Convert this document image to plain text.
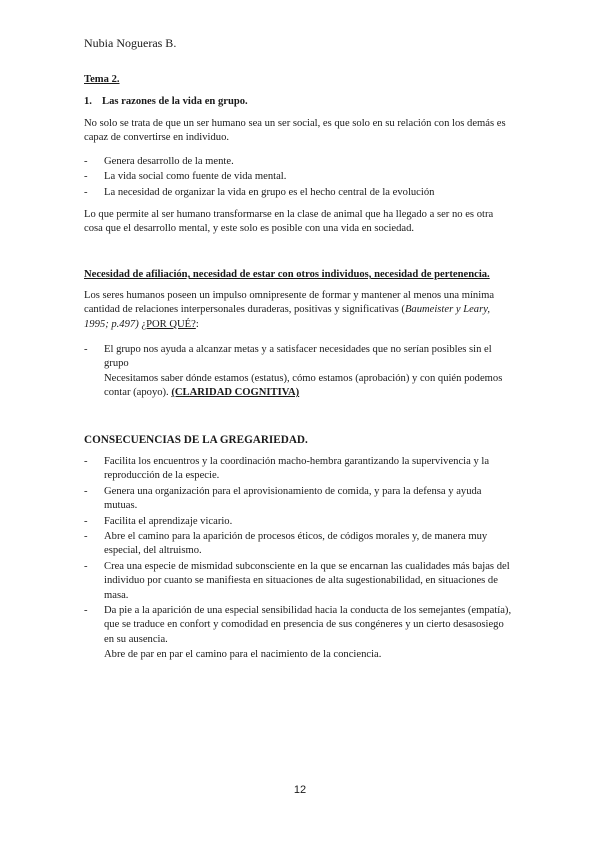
Nubia Nogueras B.
Tema 2.
1. Las razones de la vida en grupo.

No solo se trata de que un ser humano sea un ser social, es que solo en su relación con los demás es capaz de convertirse en individuo.

- Genera desarrollo de la mente.
- La vida social como fuente de vida mental.
- La necesidad de organizar la vida en grupo es el hecho central de la evolución

Lo que permite al ser humano transformarse en la clase de animal que ha llegado a ser no es otra cosa que el desarrollo mental, y este solo es posible con una vida en sociedad.

Necesidad de afiliación, necesidad de estar con otros individuos, necesidad de pertenencia.

Los seres humanos poseen un impulso omnipresente de formar y mantener al menos una mínima cantidad de relaciones interpersonales duraderas, positivas y significativas (Baumeister y Leary, 1995; p.497) ¿POR QUÉ?:

- El grupo nos ayuda a alcanzar metas y a satisfacer necesidades que no serían posibles sin el grupo
Necesitamos saber dónde estamos (estatus), cómo estamos (aprobación) y con quién podemos contar (apoyo). (CLARIDAD COGNITIVA)
CONSECUENCIAS DE LA GREGARIEDAD.
- Facilita los encuentros y la coordinación macho-hembra garantizando la supervivencia y la reproducción de la especie.
- Genera una organización para el aprovisionamiento de comida, y para la defensa y ayuda mutuas.
- Facilita el aprendizaje vicario.
- Abre el camino para la aparición de procesos éticos, de códigos morales y, de manera muy especial, del altruismo.
- Crea una especie de mismidad subconsciente en la que se encarnan las cualidades más bajas del individuo por cuanto se manifiesta en situaciones de alta sugestionabilidad, en situaciones de masa.
- Da pie a la aparición de una especial sensibilidad hacia la conducta de los semejantes (empatía), que se traduce en confort y comodidad en presencia de sus congéneres y un cierto desasosiego en su ausencia.

Abre de par en par el camino para el nacimiento de la conciencia.

12
